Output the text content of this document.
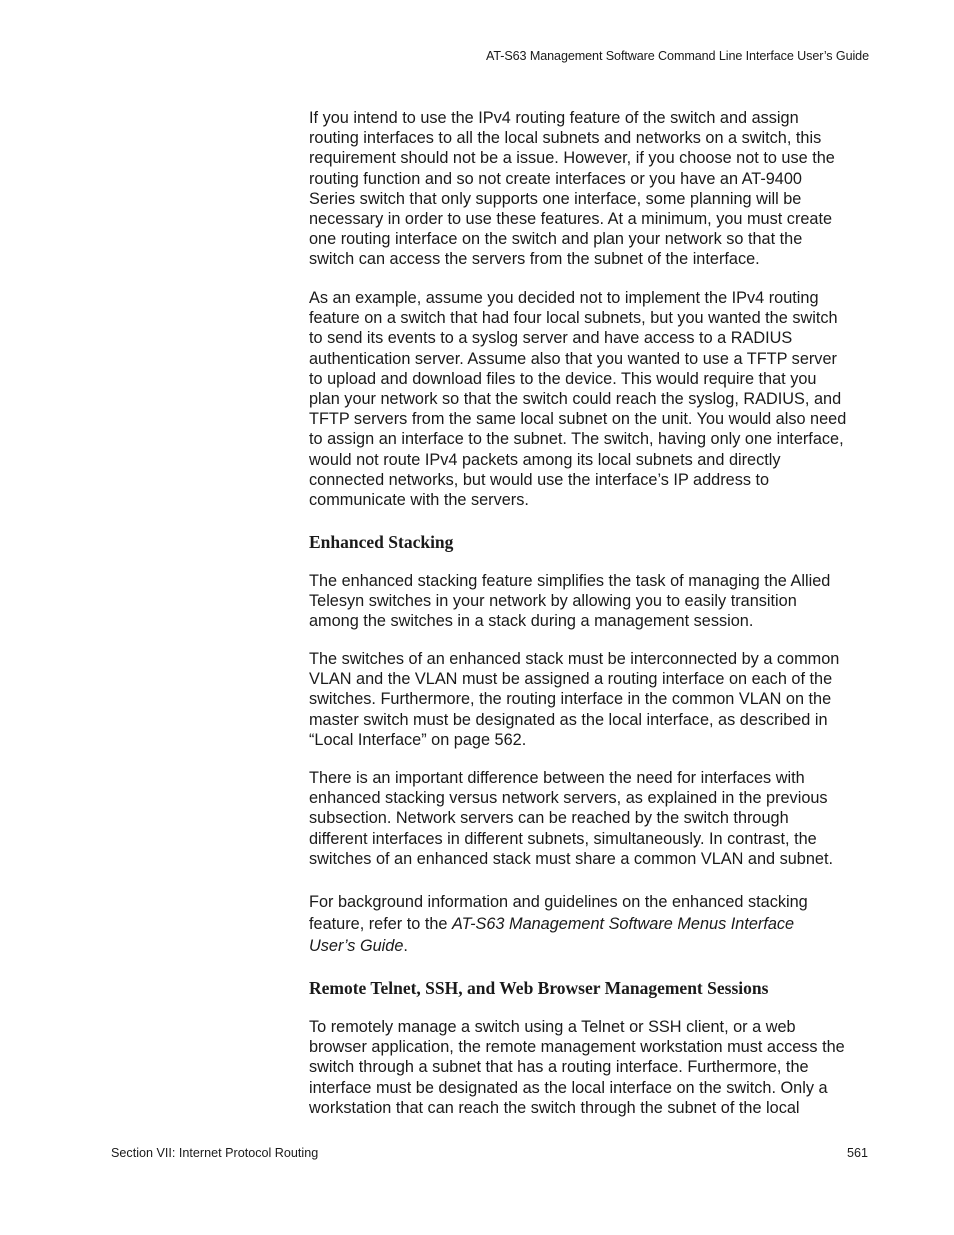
AT-S63 Management Software Command Line Interface User’s Guide

If you intend to use the IPv4 routing feature of the switch and assign
routing interfaces to all the local subnets and networks on a switch, this
requirement should not be a issue. However, if you choose not to use the
routing function and so not create interfaces or you have an AT-9400
Series switch that only supports one interface, some planning will be
necessary in order to use these features. At a minimum, you must create
one routing interface on the switch and plan your network so that the
switch can access the servers from the subnet of the interface.

As an example, assume you decided not to implement the IPv4 routing
feature on a switch that had four local subnets, but you wanted the switch
to send its events to a syslog server and have access to a RADIUS
authentication server. Assume also that you wanted to use a TFTP server
to upload and download files to the device. This would require that you
plan your network so that the switch could reach the syslog, RADIUS, and
TFTP servers from the same local subnet on the unit. You would also need
to assign an interface to the subnet. The switch, having only one interface,
would not route IPv4 packets among its local subnets and directly
connected networks, but would use the interface’s IP address to
communicate with the servers.

Enhanced Stacking

The enhanced stacking feature simplifies the task of managing the Allied
Telesyn switches in your network by allowing you to easily transition
among the switches in a stack during a management session.

The switches of an enhanced stack must be interconnected by a common
VLAN and the VLAN must be assigned a routing interface on each of the
switches. Furthermore, the routing interface in the common VLAN on the
master switch must be designated as the local interface, as described in
“Local Interface” on page 562.

There is an important difference between the need for interfaces with
enhanced stacking versus network servers, as explained in the previous
subsection. Network servers can be reached by the switch through
different interfaces in different subnets, simultaneously. In contrast, the
switches of an enhanced stack must share a common VLAN and subnet.

For background information and guidelines on the enhanced stacking
feature, refer to the AT-S63 Management Software Menus Interface
User’s Guide.

Remote Telnet, SSH, and Web Browser Management Sessions

To remotely manage a switch using a Telnet or SSH client, or a web
browser application, the remote management workstation must access the
switch through a subnet that has a routing interface. Furthermore, the
interface must be designated as the local interface on the switch. Only a
workstation that can reach the switch through the subnet of the local

Section VII: Internet Protocol Routing	561
